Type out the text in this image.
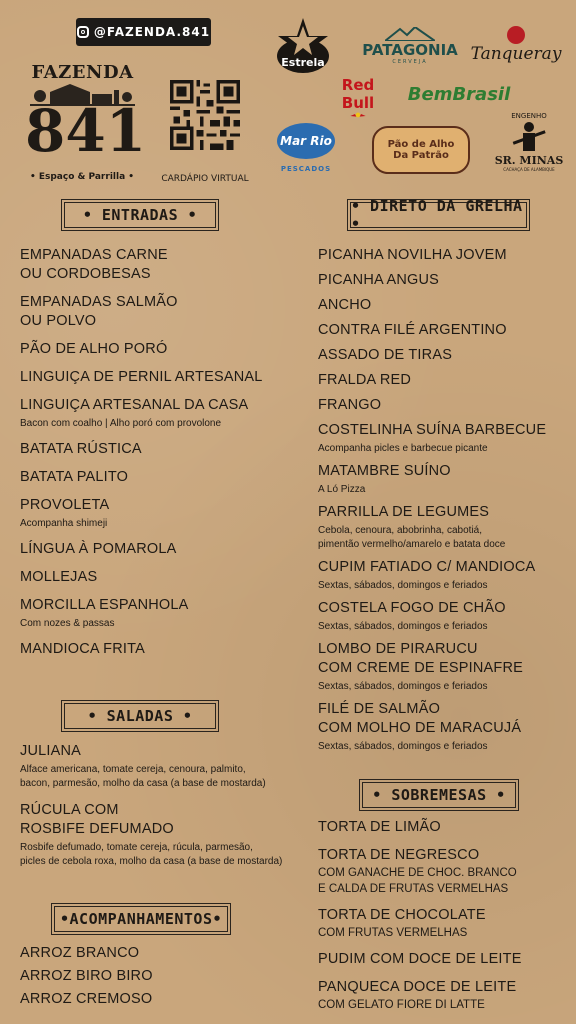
@FAZENDA.841
FAZENDA
841
• Espaço & Parrilla •	CARDÁPIO VIRTUAL
Estrela
PATAGONIA
CERVEJA	Tanqueray
Red Bull	BemBrasil
Mar Rio
PESCADOS
Pão de Alho Da Patrão
ENGENHO
SR. MINAS
CACHAÇA DE ALAMBIQUE
• ENTRADAS •	• DIRETO DA GRELHA •
• SALADAS •
•ACOMPANHAMENTOS•
• SOBREMESAS •
EMPANADAS CARNE
OU CORDOBESAS
EMPANADAS SALMÃO
OU POLVO
PÃO DE ALHO PORÓ
LINGUIÇA DE PERNIL ARTESANAL
LINGUIÇA ARTESANAL DA CASA
Bacon com coalho | Alho poró com provolone
BATATA RÚSTICA
BATATA PALITO
PROVOLETA
Acompanha shimeji
LÍNGUA À POMAROLA
MOLLEJAS
MORCILLA ESPANHOLA
Com nozes & passas
MANDIOCA FRITA
JULIANA
Alface americana, tomate cereja, cenoura, palmito,
bacon, parmesão, molho da casa (a base de mostarda)
RÚCULA COM
ROSBIFE DEFUMADO
Rosbife defumado, tomate cereja, rúcula, parmesão,
picles de cebola roxa, molho da casa (a base de mostarda)
ARROZ BRANCO
ARROZ BIRO BIRO
ARROZ CREMOSO
PICANHA NOVILHA JOVEM
PICANHA ANGUS
ANCHO
CONTRA FILÉ ARGENTINO
ASSADO DE TIRAS
FRALDA RED
FRANGO
COSTELINHA SUÍNA BARBECUE
Acompanha picles e barbecue picante
MATAMBRE SUÍNO
A Ló Pizza
PARRILLA DE LEGUMES
Cebola, cenoura, abobrinha, cabotiá,
pimentão vermelho/amarelo e batata doce
CUPIM FATIADO C/ MANDIOCA
Sextas, sábados, domingos e feriados
COSTELA FOGO DE CHÃO
Sextas, sábados, domingos e feriados
LOMBO DE PIRARUCU
COM CREME DE ESPINAFRE
Sextas, sábados, domingos e feriados
FILÉ DE SALMÃO
COM MOLHO DE MARACUJÁ
Sextas, sábados, domingos e feriados
TORTA DE LIMÃO
TORTA DE NEGRESCO
COM GANACHE DE CHOC. BRANCO
E CALDA DE FRUTAS VERMELHAS
TORTA DE CHOCOLATE
COM FRUTAS VERMELHAS
PUDIM COM DOCE DE LEITE
PANQUECA DOCE DE LEITE
COM GELATO FIORE DI LATTE
